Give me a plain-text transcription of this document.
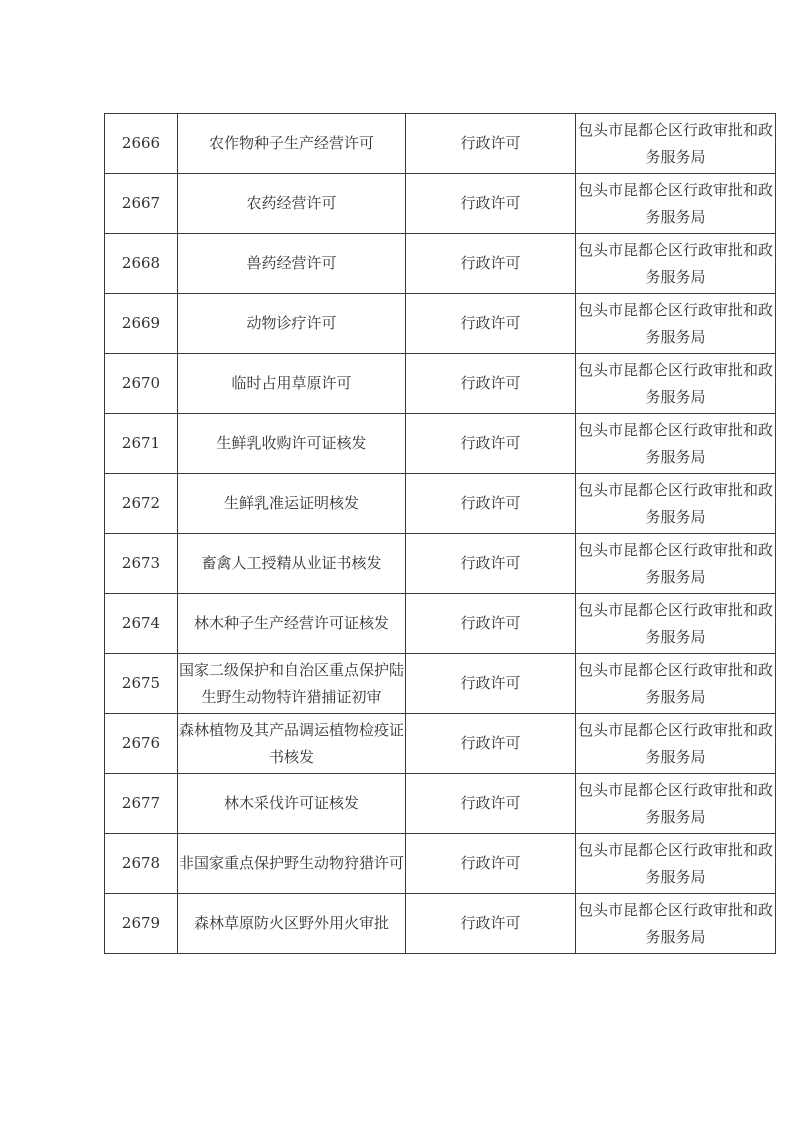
2666	农作物种子生产经营许可	行政许可	包头市昆都仑区行政审批和政务服务局
2667	农药经营许可	行政许可	包头市昆都仑区行政审批和政务服务局
2668	兽药经营许可	行政许可	包头市昆都仑区行政审批和政务服务局
2669	动物诊疗许可	行政许可	包头市昆都仑区行政审批和政务服务局
2670	临时占用草原许可	行政许可	包头市昆都仑区行政审批和政务服务局
2671	生鲜乳收购许可证核发	行政许可	包头市昆都仑区行政审批和政务服务局
2672	生鲜乳准运证明核发	行政许可	包头市昆都仑区行政审批和政务服务局
2673	畜禽人工授精从业证书核发	行政许可	包头市昆都仑区行政审批和政务服务局
2674	林木种子生产经营许可证核发	行政许可	包头市昆都仑区行政审批和政务服务局
2675	国家二级保护和自治区重点保护陆生野生动物特许猎捕证初审	行政许可	包头市昆都仑区行政审批和政务服务局
2676	森林植物及其产品调运植物检疫证书核发	行政许可	包头市昆都仑区行政审批和政务服务局
2677	林木采伐许可证核发	行政许可	包头市昆都仑区行政审批和政务服务局
2678	非国家重点保护野生动物狩猎许可	行政许可	包头市昆都仑区行政审批和政务服务局
2679	森林草原防火区野外用火审批	行政许可	包头市昆都仑区行政审批和政务服务局
